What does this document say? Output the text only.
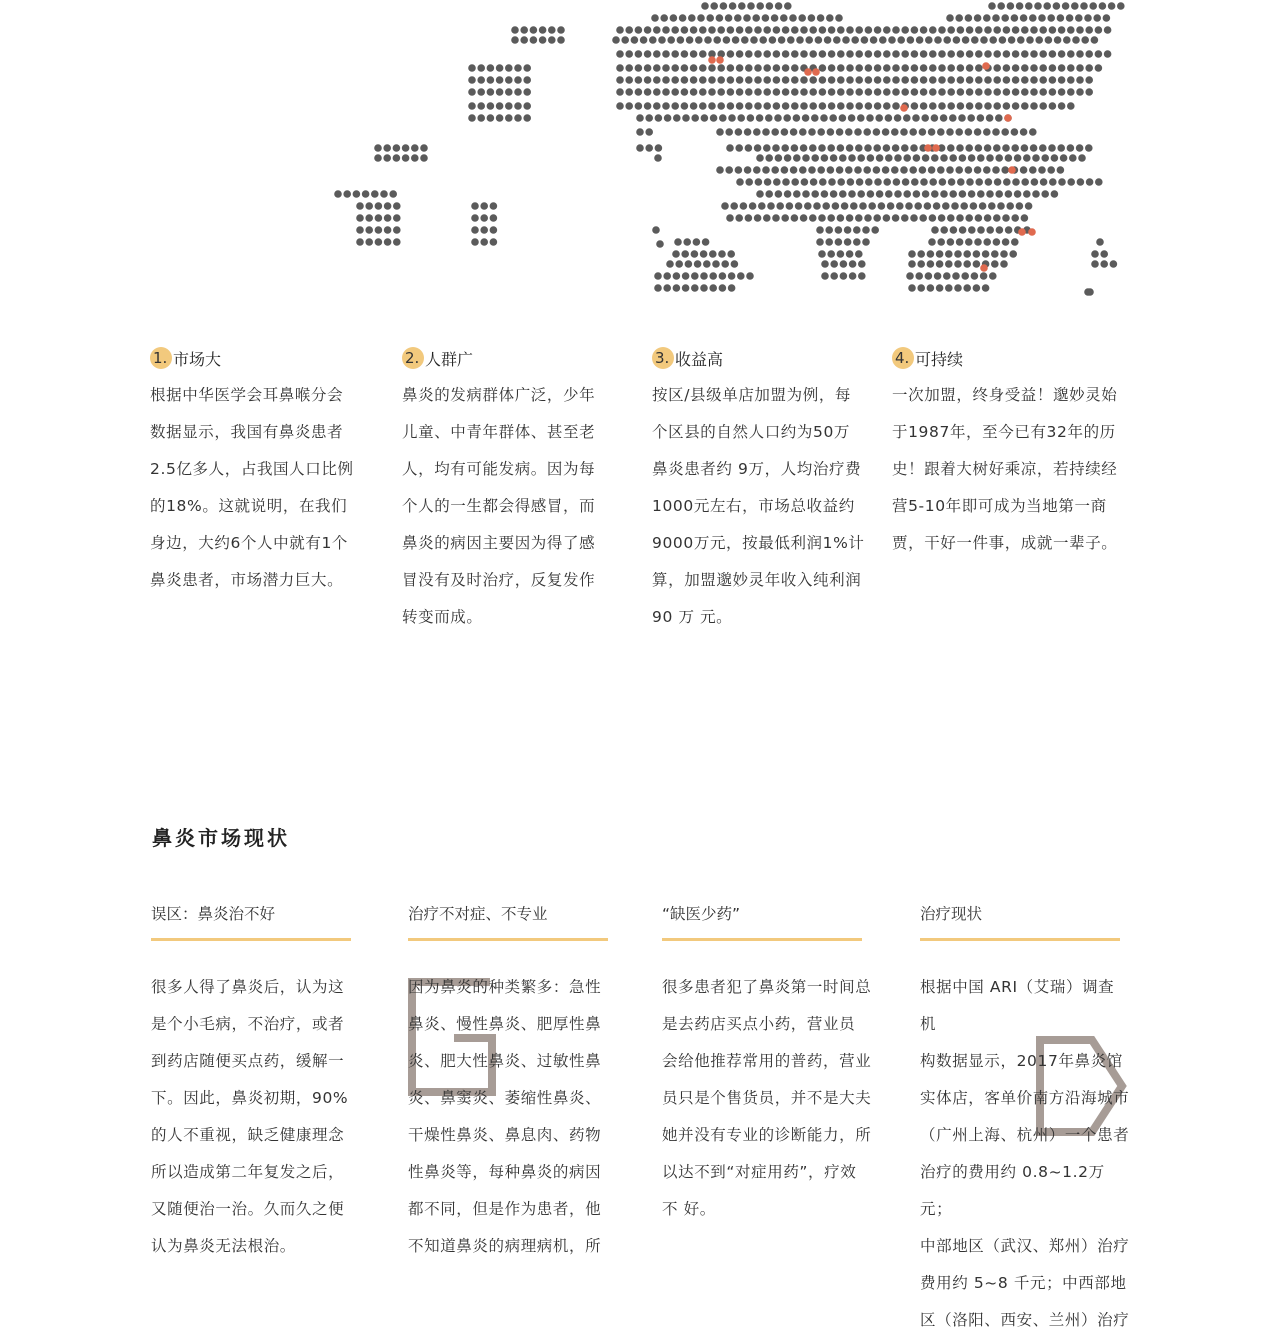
1. 市场大

根据中华医学会耳鼻喉分会
数据显示，我国有鼻炎患者
2.5亿多人，占我国人口比例
的18%。这就说明，在我们
身边，大约6个人中就有1个
鼻炎患者，市场潜力巨大。

2. 人群广

鼻炎的发病群体广泛，少年
儿童、中青年群体、甚至老
人，均有可能发病。因为每
个人的一生都会得感冒，而
鼻炎的病因主要因为得了感
冒没有及时治疗，反复发作
转变而成。

3. 收益高

按区/县级单店加盟为例，每
个区县的自然人口约为50万
鼻炎患者约 9万，人均治疗费
1000元左右，市场总收益约
9000万元，按最低利润1%计
算，加盟邈妙灵年收入纯利润
90 万 元。

4. 可持续

一次加盟，终身受益！邈妙灵始
于1987年，至今已有32年的历
史！跟着大树好乘凉，若持续经
营5-10年即可成为当地第一商
贾，干好一件事，成就一辈子。

鼻炎市场现状
误区：鼻炎治不好
很多人得了鼻炎后，认为这
是个小毛病，不治疗，或者
到药店随便买点药，缓解一
下。因此，鼻炎初期，90%
的人不重视，缺乏健康理念
所以造成第二年复发之后，
又随便治一治。久而久之便
认为鼻炎无法根治。
治疗不对症、不专业
因为鼻炎的种类繁多：急性
鼻炎、慢性鼻炎、肥厚性鼻
炎、肥大性鼻炎、过敏性鼻
炎、鼻窦炎、萎缩性鼻炎、
干燥性鼻炎、鼻息肉、药物
性鼻炎等，每种鼻炎的病因
都不同，但是作为患者，他
不知道鼻炎的病理病机，所
“缺医少药”
很多患者犯了鼻炎第一时间总
是去药店买点小药，营业员
会给他推荐常用的普药，营业
员只是个售货员，并不是大夫
她并没有专业的诊断能力，所
以达不到“对症用药”，疗效
不 好。
治疗现状
根据中国 ARI（艾瑞）调查机
构数据显示，2017年鼻炎馆
实体店，客单价南方沿海城市
（广州上海、杭州）一个患者
治疗的费用约 0.8~1.2万元；
中部地区（武汉、郑州）治疗
费用约 5~8 千元；中西部地
区（洛阳、西安、兰州）治疗
